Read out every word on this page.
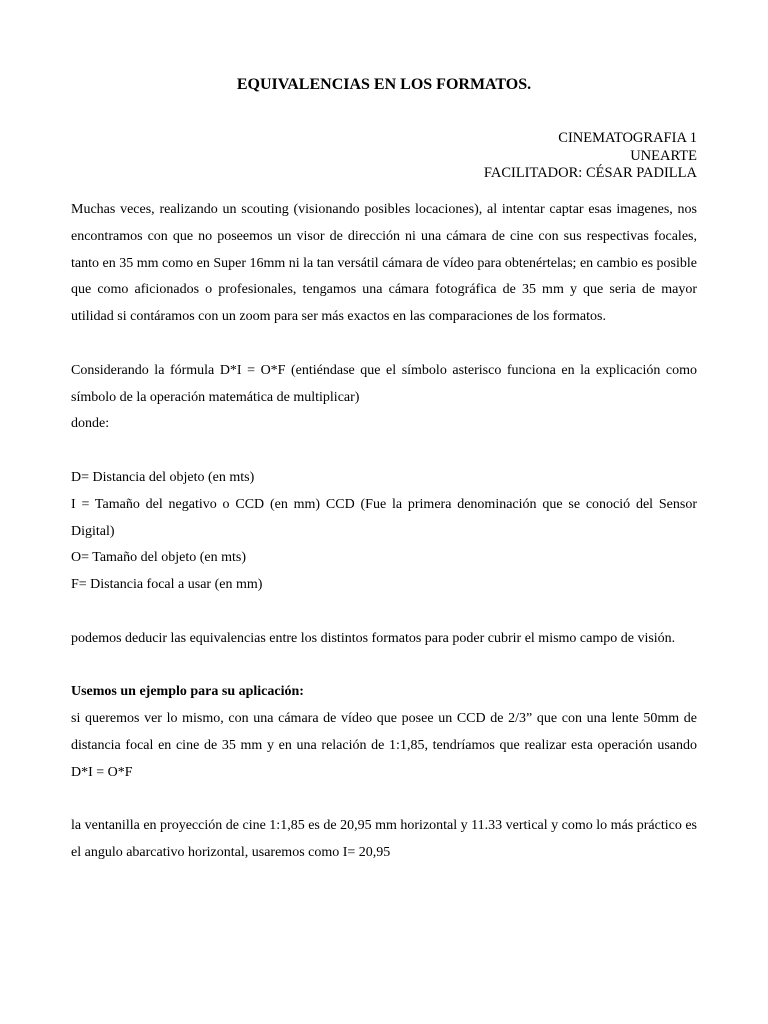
EQUIVALENCIAS EN LOS FORMATOS.
CINEMATOGRAFIA 1
UNEARTE
FACILITADOR: CÉSAR PADILLA

Muchas veces, realizando un scouting (visionando posibles locaciones), al intentar captar esas imagenes, nos encontramos con que no poseemos un visor de dirección ni una cámara de cine con sus respectivas focales, tanto en 35 mm como en Super 16mm ni la tan versátil cámara de vídeo para obtenértelas; en cambio es posible que como aficionados o profesionales, tengamos una cámara fotográfica de 35 mm y que seria de mayor utilidad si contáramos con un zoom para ser más exactos en las comparaciones de los formatos.

Considerando la fórmula D*I = O*F (entiéndase que el símbolo asterisco funciona en la explicación como símbolo de la operación matemática de multiplicar)

donde:

D= Distancia del objeto (en mts)

I = Tamaño del negativo o CCD (en mm) CCD (Fue la primera denominación que se conoció del Sensor Digital)

O= Tamaño del objeto (en mts)

F= Distancia focal a usar (en mm)

podemos deducir las equivalencias entre los distintos formatos para poder cubrir el mismo campo de visión.

Usemos un ejemplo para su aplicación:

si queremos ver lo mismo, con una cámara de vídeo que posee un CCD de 2/3” que con una lente 50mm de distancia focal en cine de 35 mm y en una relación de 1:1,85, tendríamos que realizar esta operación usando D*I = O*F

la ventanilla en proyección de cine 1:1,85 es de 20,95 mm horizontal y 11.33 vertical y como lo más práctico es el angulo abarcativo horizontal, usaremos como I= 20,95
